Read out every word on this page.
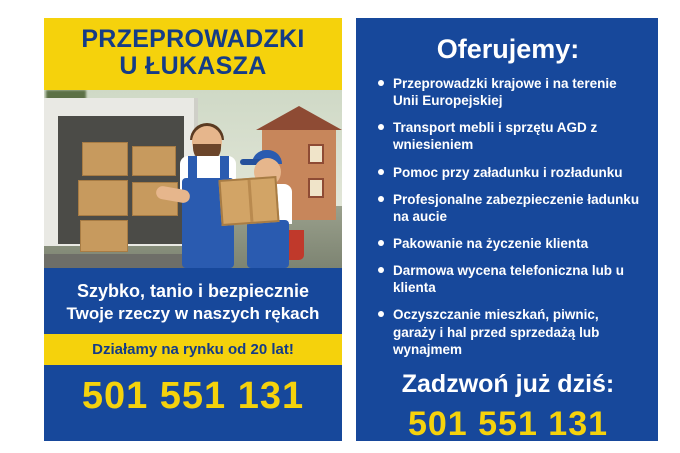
PRZEPROWADZKI
U ŁUKASZA
Szybko, tanio i bezpiecznie
Twoje rzeczy w naszych rękach
Działamy na rynku od 20 lat!
501 551 131
Oferujemy:
Przeprowadzki krajowe i na terenie Unii Europejskiej
Transport mebli i sprzętu AGD z wniesieniem
Pomoc przy załadunku i rozładunku
Profesjonalne zabezpieczenie ładunku na aucie
Pakowanie na życzenie klienta
Darmowa wycena telefoniczna lub u klienta
Oczyszczanie mieszkań, piwnic, garaży i hal przed sprzedażą lub wynajmem
Zadzwoń już dziś:
501 551 131
